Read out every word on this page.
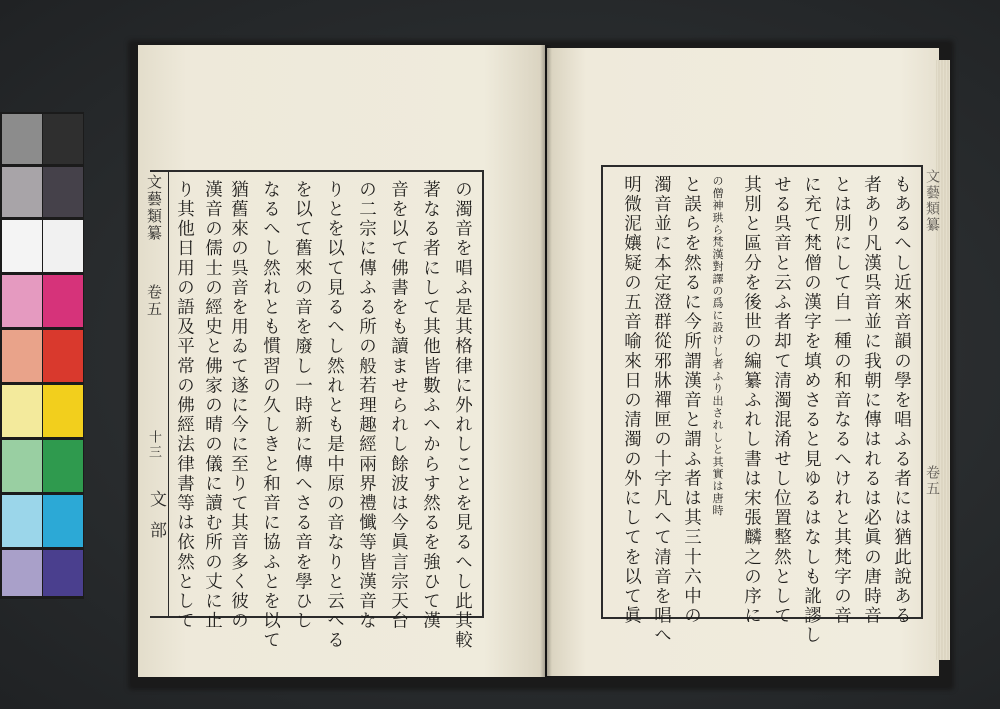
文藝類纂
卷五
十三
文部	の濁音を唱ふ是其格律に外れしことを見るへし此其較
著なる者にして其他皆數ふへからす然るを強ひて漢
音を以て佛書をも讀ませられし餘波は今眞言宗天台
の二宗に傳ふる所の般若理趣經兩界禮懺等皆漢音な
りとを以て見るへし然れとも是中原の音なりと云へる
を以て舊來の音を廢し一時新に傳へさる音を學ひし
なるへし然れとも慣習の久しきと和音に協ふとを以て
猶舊來の呉音を用ゐて遂に今に至りて其音多く彼の
漢音の儒士の經史と佛家の晴の儀に讀む所の丈に止
り其他日用の語及平常の佛經法律書等は依然として	文藝類纂
卷五
もあるへし近來音韻の學を唱ふる者には猶此說ある
者あり凡漢呉音並に我朝に傳はれるは必眞の唐時音
とは別にして自一種の和音なるへけれと其梵字の音
に充て梵僧の漢字を填めさると見ゆるはなしも訛謬し
せる呉音と云ふ者却て清濁混淆せし位置整然として
其別と區分を後世の編纂ふれし書は宋張麟之の序に
の僧神珙ら梵漢對譯の爲に設けし者ふり出されしと其實は唐時
と誤らを然るに今所謂漢音と謂ふ者は其三十六中の
濁音並に本定澄群從邪牀禪匣の十字凡へて清音を唱へ
明微泥孃疑の五音喻來日の清濁の外にしてを以て眞
